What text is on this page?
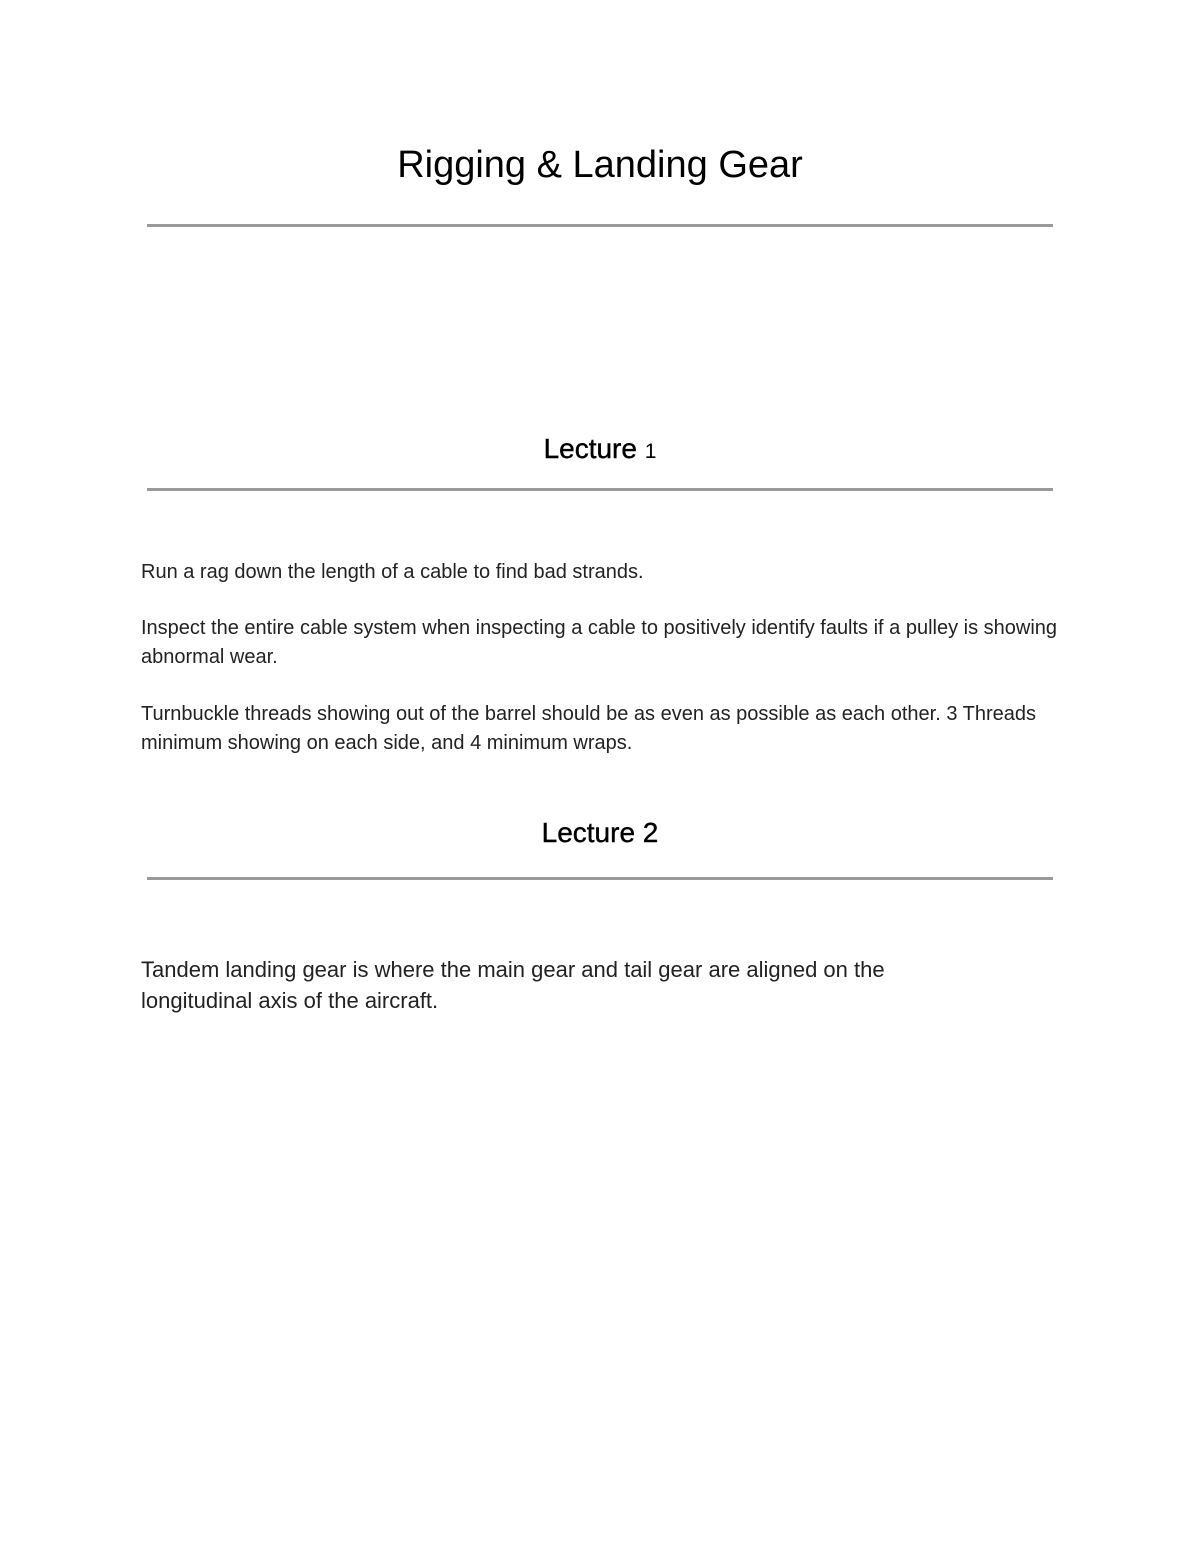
Rigging & Landing Gear
Lecture 1

Run a rag down the length of a cable to find bad strands.

Inspect the entire cable system when inspecting a cable to positively identify faults if a pulley is showing abnormal wear.

Turnbuckle threads showing out of the barrel should be as even as possible as each other. 3 Threads minimum showing on each side, and 4 minimum wraps.

Lecture 2

Tandem landing gear is where the main gear and tail gear are aligned on the longitudinal axis of the aircraft.
